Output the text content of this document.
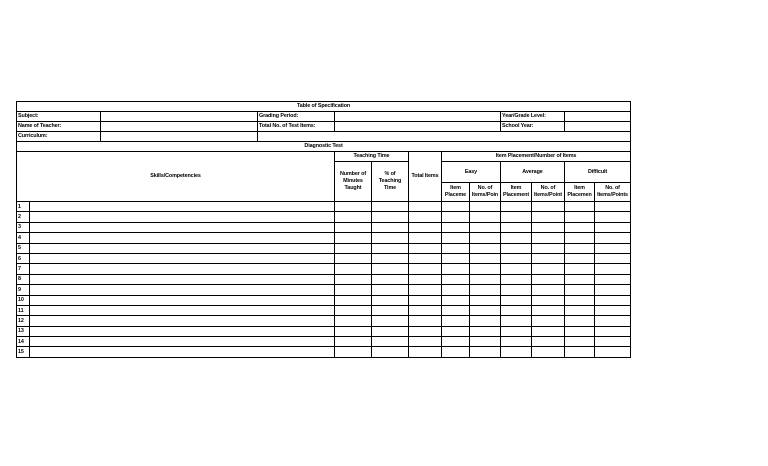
Table of Specification												
Subject:			Grading Period:						Year/Grade Level:			
Name of Teacher:			Total No. of Test Items:						School Year:			
Curriculum:												
Diagnostic Test												
Skills/Competencies				Teaching Time		Total Items	Item Placement/Number of Items					
				Number of Minutes Taught	% of Teaching Time		Easy		Average		Difficult	
							Item Placeme	No. of Items/Poin	Item Placement	No. of Items/Point	Item Placemen	No. of Items/Points
1												
2												
3												
4												
5												
6												
7												
8												
9												
10												
11												
12												
13												
14												
15												
